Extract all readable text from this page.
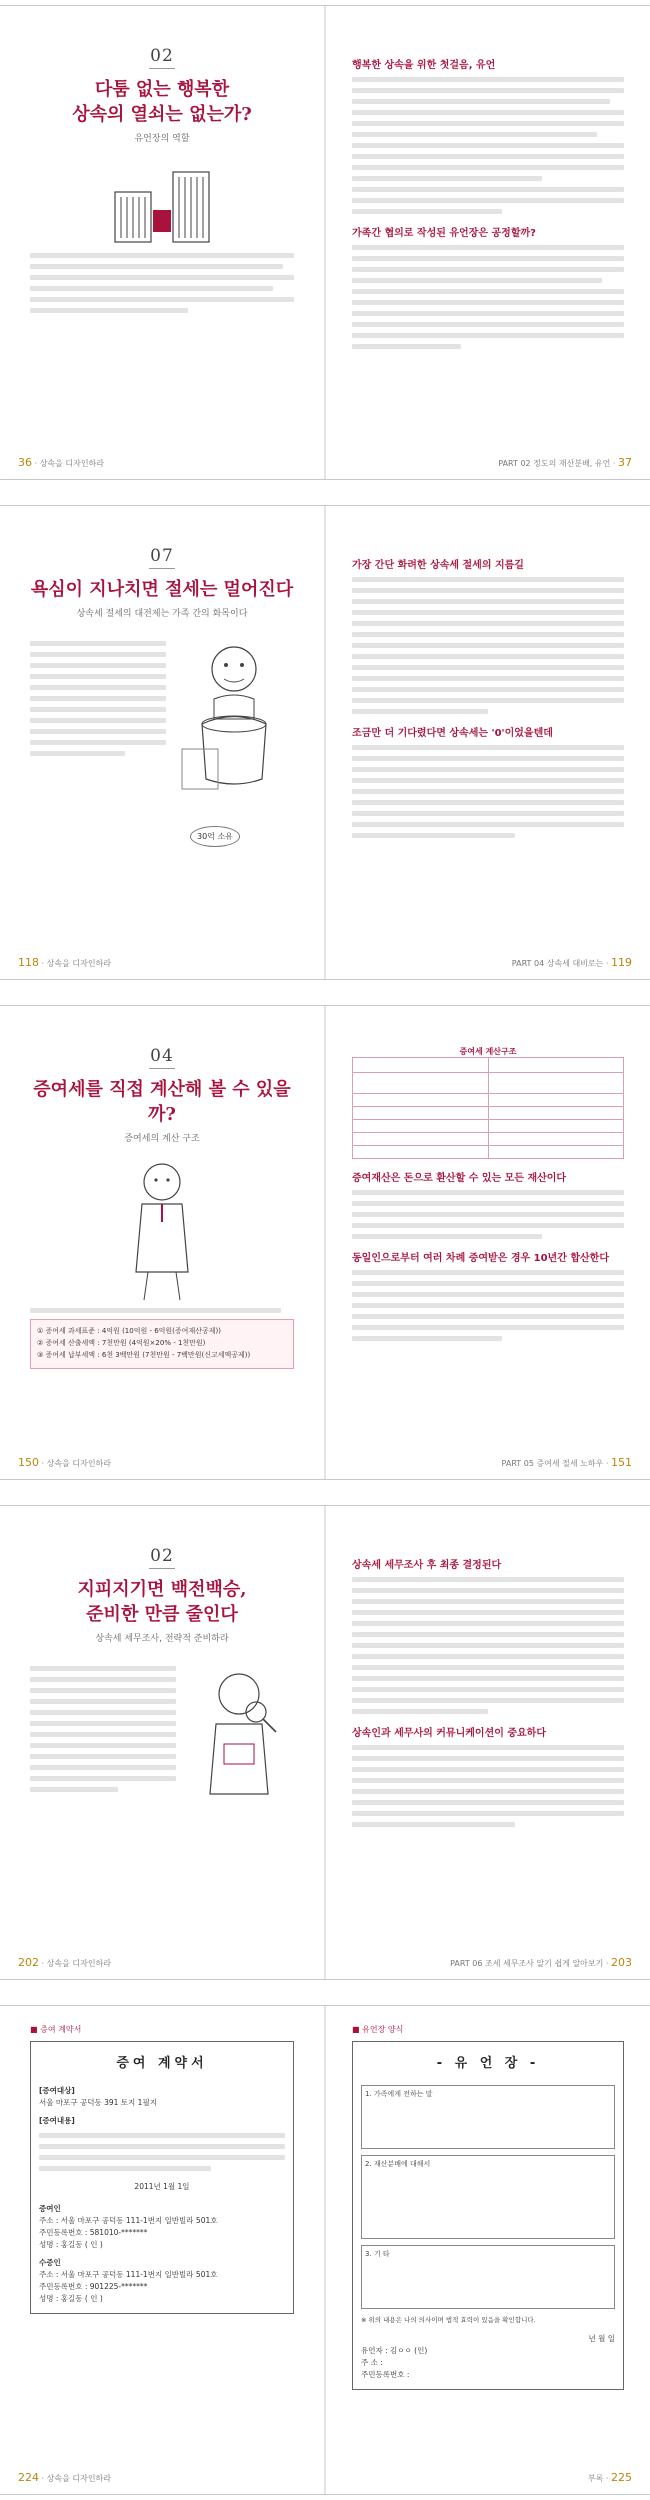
02
다툼 없는 행복한
상속의 열쇠는 없는가?
유언장의 역할
36 · 상속을 디자인하라
행복한 상속을 위한 첫걸음, 유언
가족간 협의로 작성된 유언장은 공정할까?
PART 02 정도의 재산분배, 유언 · 37
07
욕심이 지나치면 절세는 멀어진다
상속세 절세의 대전제는 가족 간의 화목이다
30억 소유
118 · 상속을 디자인하라
가장 간단 화려한 상속세 절세의 지름길
조금만 더 기다렸다면 상속세는 '0'이었을텐데
PART 04 상속세 대비로는 · 119
04
증여세를 직접 계산해 볼 수 있을까?
증여세의 계산 구조
① 증여세 과세표준 : 4억원 (10억원 - 6억원(증여재산공제))
② 증여세 산출세액 : 7천만원 (4억원×20% - 1천만원)
③ 증여세 납부세액 : 6천 3백만원 (7천만원 - 7백만원(신고세액공제))
150 · 상속을 디자인하라
증여세 계산구조

증여재산은 돈으로 환산할 수 있는 모든 재산이다
동일인으로부터 여러 차례 증여받은 경우 10년간 합산한다
PART 05 증여세 절세 노하우 · 151
02
지피지기면 백전백승,
준비한 만큼 줄인다
상속세 세무조사, 전략적 준비하라
202 · 상속을 디자인하라
상속세 세무조사 후 최종 결정된다
상속인과 세무사의 커뮤니케이션이 중요하다
PART 06 조세 세무조사 알기 쉽게 알아보기 · 203
■ 증여 계약서
증여 계약서
[증여대상]
서울 마포구 공덕동 391 토지 1필지
[증여내용]
2011년 1월 1일
증여인
주소 : 서울 마포구 공덕동 111-1번지 일반빌라 501호
주민등록번호 : 581010-*******
성명 : 홍길동 ( 인 )
수증인
주소 : 서울 마포구 공덕동 111-1번지 일반빌라 501호
주민등록번호 : 901225-*******
성명 : 홍길동 ( 인 )
224 · 상속을 디자인하라
■ 유언장 양식
- 유 언 장 -
1. 가족에게 전하는 말
2. 재산분배에 대해서
3. 기 타
※ 위의 내용은 나의 의사이며 법적 효력이 있음을 확인합니다.
년 월 일
유언자 : 김ㅇㅇ (인)
주 소 :
주민등록번호 :
부록 · 225
